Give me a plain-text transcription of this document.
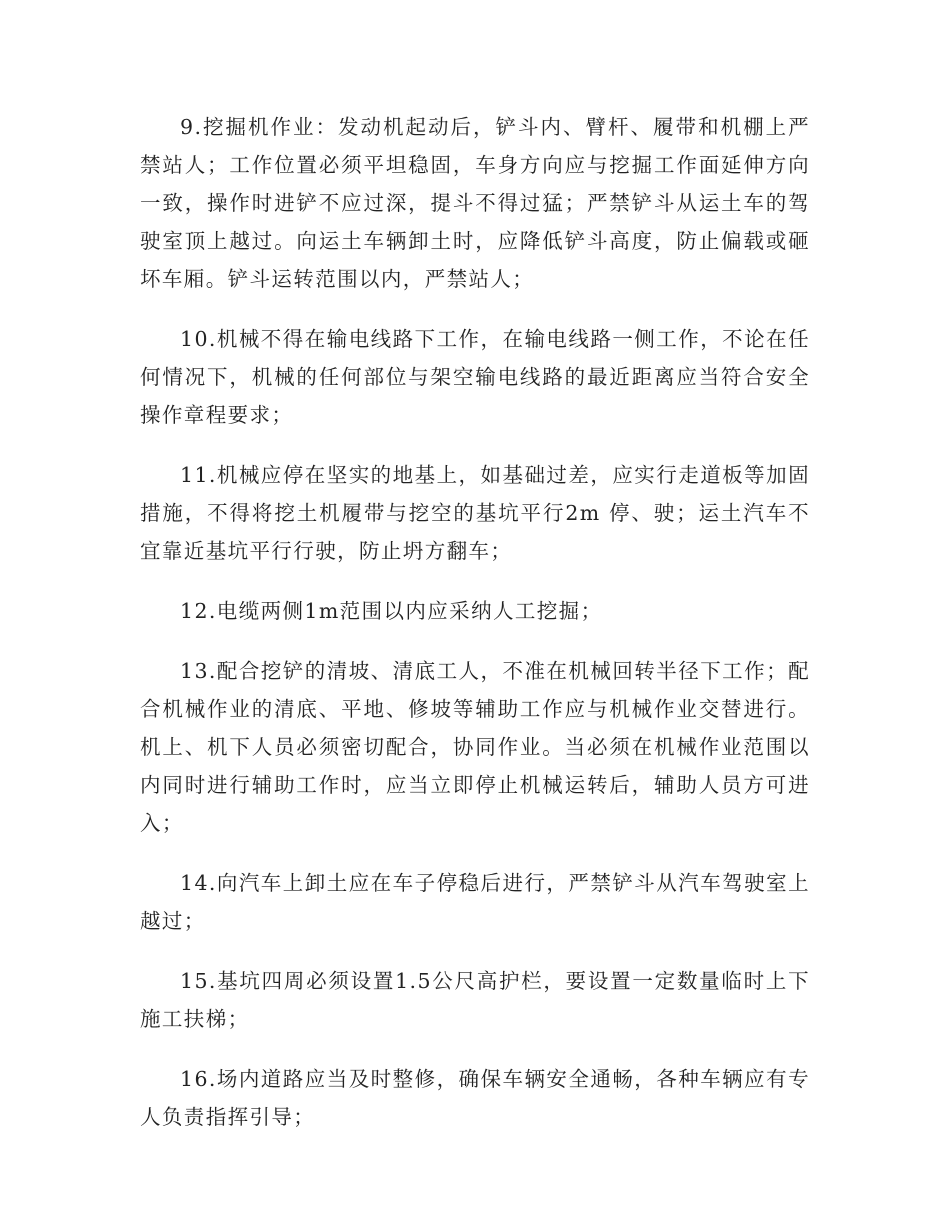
9.挖掘机作业：发动机起动后，铲斗内、臂杆、履带和机棚上严禁站人；工作位置必须平坦稳固，车身方向应与挖掘工作面延伸方向一致，操作时进铲不应过深，提斗不得过猛；严禁铲斗从运土车的驾驶室顶上越过。向运土车辆卸土时，应降低铲斗高度，防止偏载或砸坏车厢。铲斗运转范围以内，严禁站人；

10.机械不得在输电线路下工作，在输电线路一侧工作，不论在任何情况下，机械的任何部位与架空输电线路的最近距离应当符合安全操作章程要求；

11.机械应停在坚实的地基上，如基础过差，应实行走道板等加固措施，不得将挖土机履带与挖空的基坑平行2m 停、驶；运土汽车不宜靠近基坑平行行驶，防止坍方翻车；

12.电缆两侧1m范围以内应采纳人工挖掘；

13.配合挖铲的清坡、清底工人，不准在机械回转半径下工作；配合机械作业的清底、平地、修坡等辅助工作应与机械作业交替进行。机上、机下人员必须密切配合，协同作业。当必须在机械作业范围以内同时进行辅助工作时，应当立即停止机械运转后，辅助人员方可进入；

14.向汽车上卸土应在车子停稳后进行，严禁铲斗从汽车驾驶室上越过；

15.基坑四周必须设置1.5公尺高护栏，要设置一定数量临时上下施工扶梯；

16.场内道路应当及时整修，确保车辆安全通畅，各种车辆应有专人负责指挥引导；
